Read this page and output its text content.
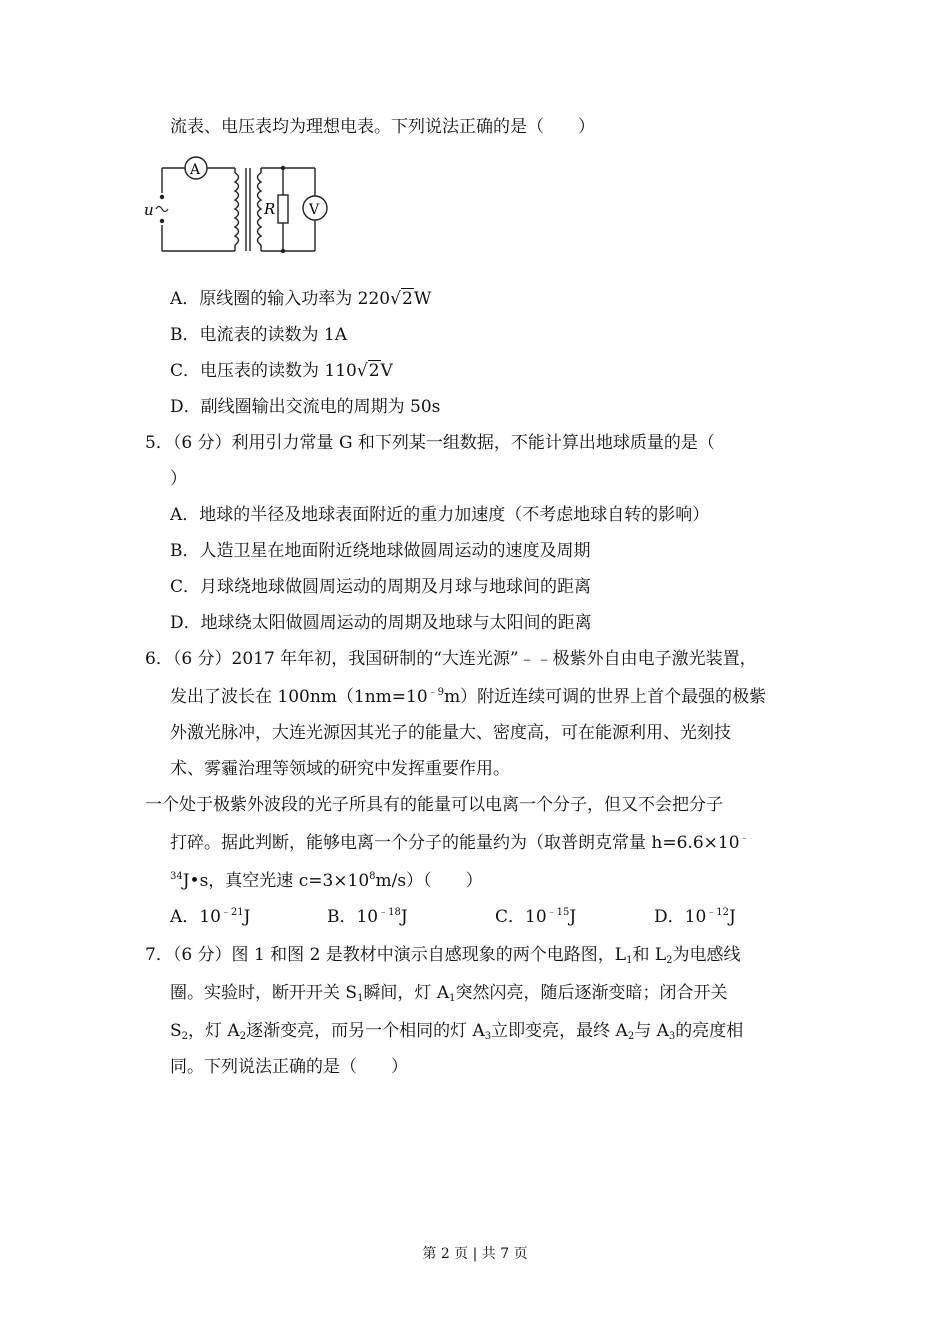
流表、电压表均为理想电表。下列说法正确的是（　　）
u
A
R V
A．原线圈的输入功率为 220√2W
B．电流表的读数为 1A
C．电压表的读数为 110√2V
D．副线圈输出交流电的周期为 50s
5．（6 分）利用引力常量 G 和下列某一组数据，不能计算出地球质量的是（
）
A．地球的半径及地球表面附近的重力加速度（不考虑地球自转的影响）
B．人造卫星在地面附近绕地球做圆周运动的速度及周期
C．月球绕地球做圆周运动的周期及月球与地球间的距离
D．地球绕太阳做圆周运动的周期及地球与太阳间的距离
6．（6 分）2017 年年初，我国研制的“大连光源”﹣﹣极紫外自由电子激光装置，
发出了波长在 $100nm(1nm=10^{﹣9}m)$附近连续可调的世界上首个最强的极紫
外激光脉冲，大连光源因其光子的能量大、密度高，可在能源利用、光刻技
术、雾霾治理等领域的研究中发挥重要作用。
一个处于极紫外波段的光子所具有的能量可以电离一个分子，但又不会把分子
打碎。据此判断，能够电离一个分子的能量约为（取普朗克常量 h=6.6×10﹣
$^{34}$J•s，真空光速 $c=3\times 10^8m/s$）（　　）
A．$10^{﹣21}J$	B．$10^{﹣18}J$	C．$10^{﹣15}J$	D．$10^{﹣12}J$
7．（6 分）图 1 和图 2 是教材中演示自感现象的两个电路图，$L_1$和 $L_2$为电感线
圈。实验时，断开开关 $S_1$瞬间，灯 $A_1$突然闪亮，随后逐渐变暗；闭合开关
$S_2$，灯 $A_2$逐渐变亮，而另一个相同的灯 $A_3$立即变亮，最终 $A_2$与 $A_3$的亮度相
同。下列说法正确的是（　　）
第 2 页 | 共 7 页
